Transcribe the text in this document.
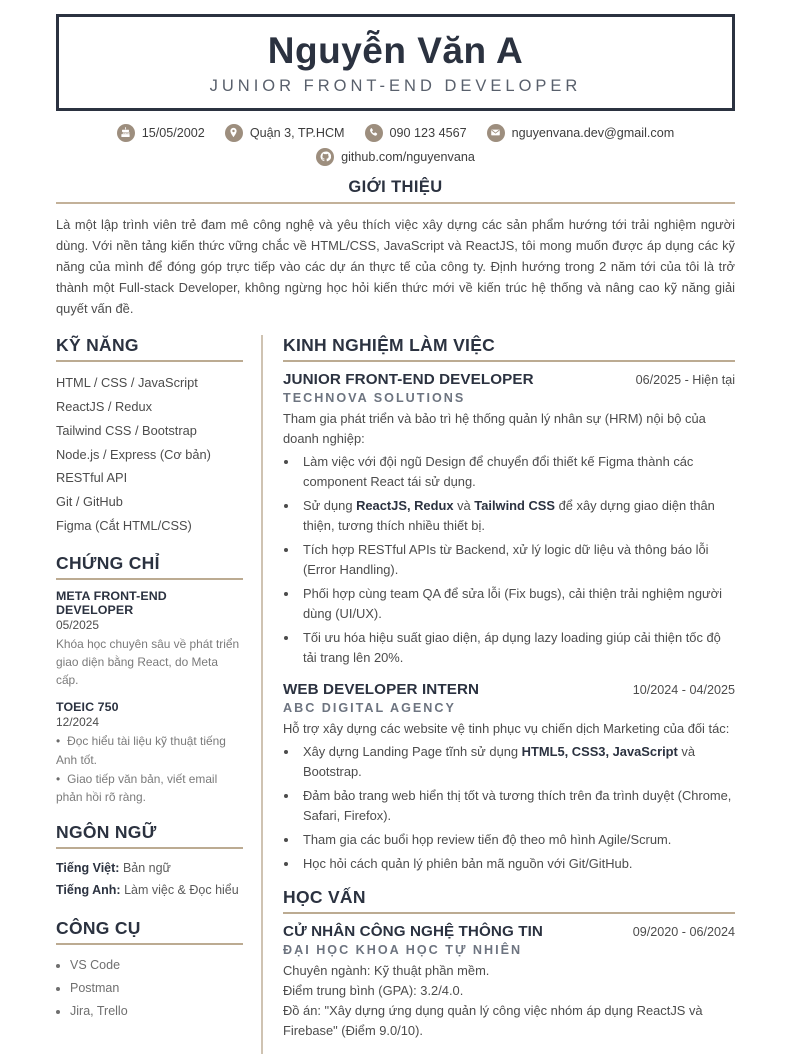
Nguyễn Văn A
JUNIOR FRONT-END DEVELOPER
15/05/2002	Quận 3, TP.HCM	090 123 4567	nguyenvana.dev@gmail.com
github.com/nguyenvana
GIỚI THIỆU
Là một lập trình viên trẻ đam mê công nghệ và yêu thích việc xây dựng các sản phẩm hướng tới trải nghiệm người dùng. Với nền tảng kiến thức vững chắc về HTML/CSS, JavaScript và ReactJS, tôi mong muốn được áp dụng các kỹ năng của mình để đóng góp trực tiếp vào các dự án thực tế của công ty. Định hướng trong 2 năm tới của tôi là trở thành một Full-stack Developer, không ngừng học hỏi kiến thức mới về kiến trúc hệ thống và nâng cao kỹ năng giải quyết vấn đề.
KỸ NĂNG
HTML / CSS / JavaScript
ReactJS / Redux
Tailwind CSS / Bootstrap
Node.js / Express (Cơ bản)
RESTful API
Git / GitHub
Figma (Cắt HTML/CSS)
CHỨNG CHỈ
META FRONT-END DEVELOPER
05/2025
Khóa học chuyên sâu về phát triển giao diện bằng React, do Meta cấp.
TOEIC 750
12/2024
• Đọc hiểu tài liệu kỹ thuật tiếng Anh tốt.
• Giao tiếp văn bản, viết email phản hồi rõ ràng.
NGÔN NGỮ
Tiếng Việt: Bản ngữ
Tiếng Anh: Làm việc & Đọc hiểu
CÔNG CỤ
• VS Code
• Postman
• Jira, Trello
KINH NGHIỆM LÀM VIỆC
JUNIOR FRONT-END DEVELOPER	06/2025 - Hiện tại
TECHNOVA SOLUTIONS
Tham gia phát triển và bảo trì hệ thống quản lý nhân sự (HRM) nội bộ của doanh nghiệp:
• Làm việc với đội ngũ Design để chuyển đổi thiết kế Figma thành các component React tái sử dụng.
• Sử dụng ReactJS, Redux và Tailwind CSS để xây dựng giao diện thân thiện, tương thích nhiều thiết bị.
• Tích hợp RESTful APIs từ Backend, xử lý logic dữ liệu và thông báo lỗi (Error Handling).
• Phối hợp cùng team QA để sửa lỗi (Fix bugs), cải thiện trải nghiệm người dùng (UI/UX).
• Tối ưu hóa hiệu suất giao diện, áp dụng lazy loading giúp cải thiện tốc độ tải trang lên 20%.
WEB DEVELOPER INTERN	10/2024 - 04/2025
ABC DIGITAL AGENCY
Hỗ trợ xây dựng các website vệ tinh phục vụ chiến dịch Marketing của đối tác:
• Xây dựng Landing Page tĩnh sử dụng HTML5, CSS3, JavaScript và Bootstrap.
• Đảm bảo trang web hiển thị tốt và tương thích trên đa trình duyệt (Chrome, Safari, Firefox).
• Tham gia các buổi họp review tiến độ theo mô hình Agile/Scrum.
• Học hỏi cách quản lý phiên bản mã nguồn với Git/GitHub.
HỌC VẤN
CỬ NHÂN CÔNG NGHỆ THÔNG TIN	09/2020 - 06/2024
ĐẠI HỌC KHOA HỌC TỰ NHIÊN
Chuyên ngành: Kỹ thuật phần mềm.
Điểm trung bình (GPA): 3.2/4.0.
Đồ án: "Xây dựng ứng dụng quản lý công việc nhóm áp dụng ReactJS và Firebase" (Điểm 9.0/10).
